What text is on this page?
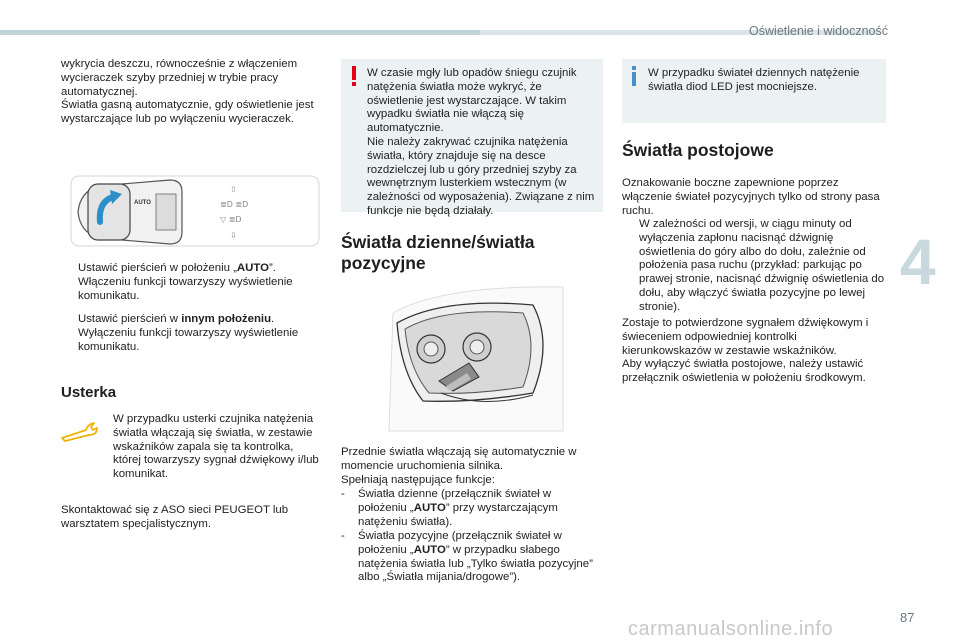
Oświetlenie i widoczność
4
87
carmanualsonline.info

wykrycia deszczu, równocześnie z włączeniem wycieraczek szyby przedniej w trybie pracy automatycznej.
Światła gasną automatycznie, gdy oświetlenie jest wystarczające lub po wyłączeniu wycieraczek.

AUTO
⇧
≣D ≣D
▽ ≣D
⇩
Ustawić pierścień w położeniu „AUTO”.
Włączeniu funkcji towarzyszy wyświetlenie komunikatu.
Ustawić pierścień w innym położeniu.
Wyłączeniu funkcji towarzyszy wyświetlenie komunikatu.
Usterka

W przypadku usterki czujnika natężenia światła włączają się światła, w zestawie wskaźników zapala się ta kontrolka, której towarzyszy sygnał dźwiękowy i/lub komunikat.

Skontaktować się z ASO sieci PEUGEOT lub warsztatem specjalistycznym.

W czasie mgły lub opadów śniegu czujnik natężenia światła może wykryć, że oświetlenie jest wystarczające. W takim wypadku światła nie włączą się automatycznie.
Nie należy zakrywać czujnika natężenia światła, który znajduje się na desce rozdzielczej lub u góry przedniej szyby za wewnętrznym lusterkiem wstecznym (w zależności od wyposażenia). Związane z nim funkcje nie będą działały.

Światła dzienne/światła pozycyjne

Przednie światła włączają się automatycznie w momencie uruchomienia silnika.
Spełniają następujące funkcje:

- Światła dzienne (przełącznik świateł w położeniu „AUTO” przy wystarczającym natężeniu światła).
- Światła pozycyjne (przełącznik świateł w położeniu „AUTO” w przypadku słabego natężenia światła lub „Tylko światła pozycyjne” albo „Światła mijania/drogowe”).

W przypadku świateł dziennych natężenie światła diod LED jest mocniejsze.

Światła postojowe

Oznakowanie boczne zapewnione poprzez włączenie świateł pozycyjnych tylko od strony pasa ruchu.

W zależności od wersji, w ciągu minuty od wyłączenia zapłonu nacisnąć dźwignię oświetlenia do góry albo do dołu, zależnie od położenia pasa ruchu (przykład: parkując po prawej stronie, nacisnąć dźwignię oświetlenia do dołu, aby włączyć światła pozycyjne po lewej stronie).

Zostaje to potwierdzone sygnałem dźwiękowym i świeceniem odpowiedniej kontrolki kierunkowskazów w zestawie wskaźników.
Aby wyłączyć światła postojowe, należy ustawić przełącznik oświetlenia w położeniu środkowym.
